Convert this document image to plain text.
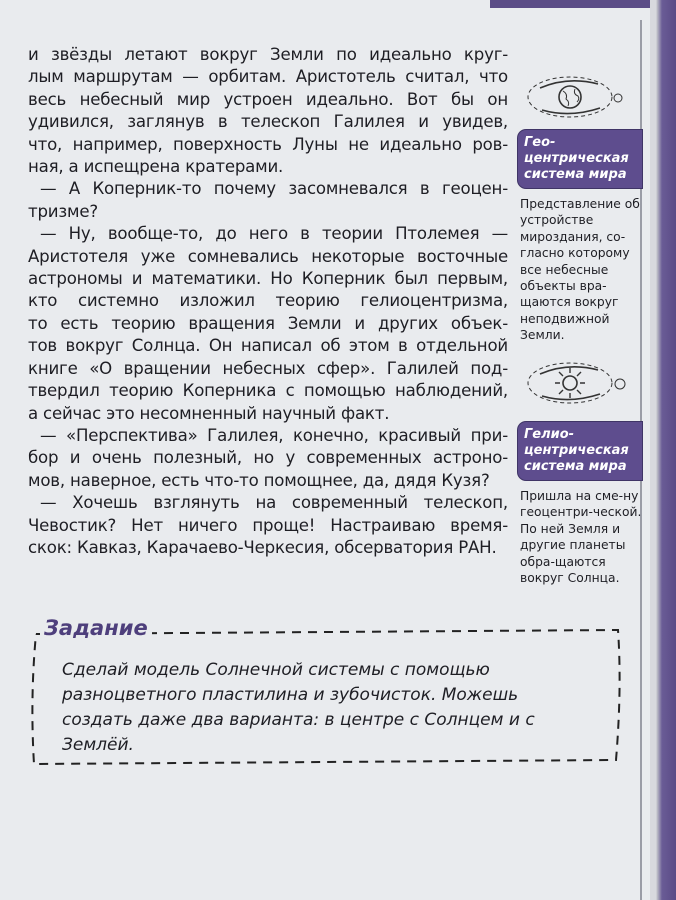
и звёзды летают вокруг Земли по идеально круг-
лым маршрутам — орбитам. Аристотель считал, что
весь небесный мир устроен идеально. Вот бы он
удивился, заглянув в телескоп Галилея и увидев,
что, например, поверхность Луны не идеально ров-
ная, а испещрена кратерами.
— А Коперник-то почему засомневался в геоцен-
тризме?
— Ну, вообще-то, до него в теории Птолемея —
Аристотеля уже сомневались некоторые восточные
астрономы и математики. Но Коперник был первым,
кто системно изложил теорию гелиоцентризма,
то есть теорию вращения Земли и других объек-
тов вокруг Солнца. Он написал об этом в отдельной
книге «О вращении небесных сфер». Галилей под-
твердил теорию Коперника с помощью наблюдений,
а сейчас это несомненный научный факт.
— «Перспектива» Галилея, конечно, красивый при-
бор и очень полезный, но у современных астроно-
мов, наверное, есть что-то помощнее, да, дядя Кузя?
— Хочешь взглянуть на современный телескоп,
Чевостик? Нет ничего проще! Настраиваю время-
скок: Кавказ, Карачаево-Черкесия, обсерватория РАН.
Гео-
центрическая
система мира
Представление об устройстве мироздания, со-гласно которому все небесные объекты вра-щаются вокруг неподвижной Земли.
Гелио-
центрическая
система мира
Пришла на сме-ну геоцентри-ческой. По ней Земля и другие планеты обра-щаются вокруг Солнца.
Задание
Сделай модель Солнечной системы с помощью разноцветного пластилина и зубочисток. Можешь создать даже два варианта: в центре с Солнцем и с Землёй.
